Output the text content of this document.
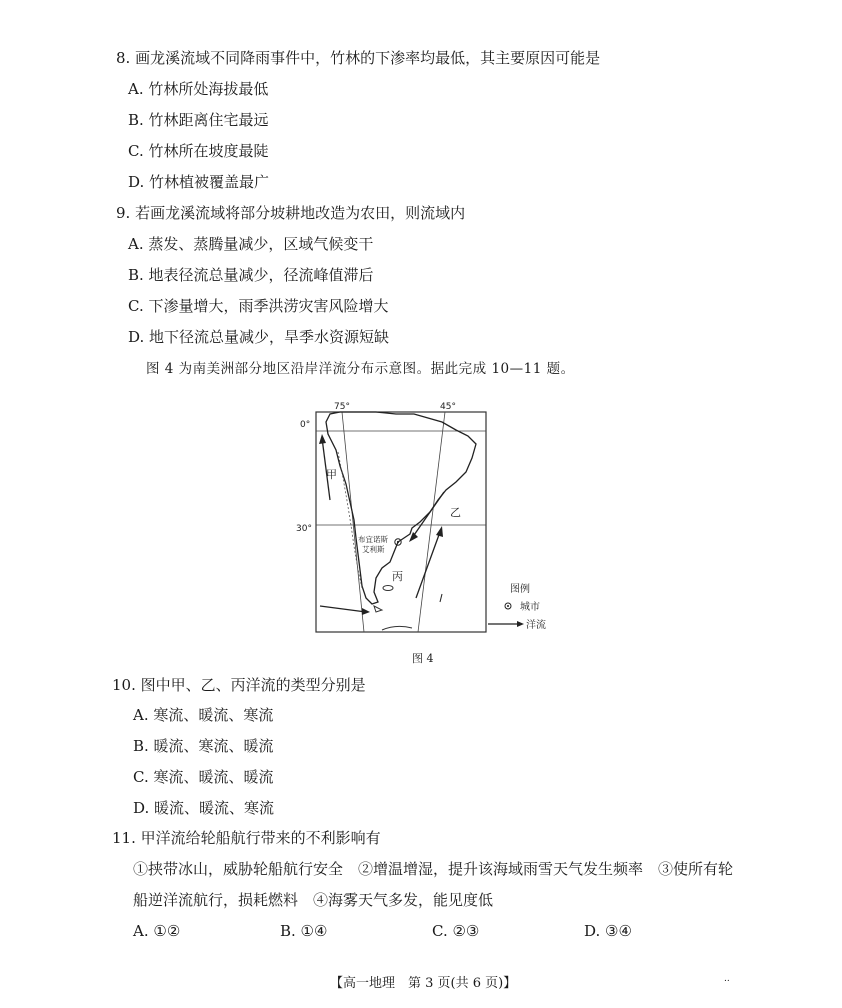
8. 画龙溪流域不同降雨事件中，竹林的下渗率均最低，其主要原因可能是
A. 竹林所处海拔最低
B. 竹林距离住宅最远
C. 竹林所在坡度最陡
D. 竹林植被覆盖最广
9. 若画龙溪流域将部分坡耕地改造为农田，则流域内
A. 蒸发、蒸腾量减少，区域气候变干
B. 地表径流总量减少，径流峰值滞后
C. 下渗量增大，雨季洪涝灾害风险增大
D. 地下径流总量减少，旱季水资源短缺
图 4 为南美洲部分地区沿岸洋流分布示意图。据此完成 10—11 题。
布宜诺斯
艾利斯
75°	45°
0°
30°
甲
乙
丙
图例
城市
洋流
图 4
10. 图中甲、乙、丙洋流的类型分别是
A. 寒流、暖流、寒流
B. 暖流、寒流、暖流
C. 寒流、暖流、暖流
D. 暖流、暖流、寒流
11. 甲洋流给轮船航行带来的不利影响有
①挟带冰山，威胁轮船航行安全　②增温增湿，提升该海域雨雪天气发生频率　③使所有轮
船逆洋流航行，损耗燃料　④海雾天气多发，能见度低
A. ①②	B. ①④	C. ②③	D. ③④
【高一地理　第 3 页(共 6 页)】	..
